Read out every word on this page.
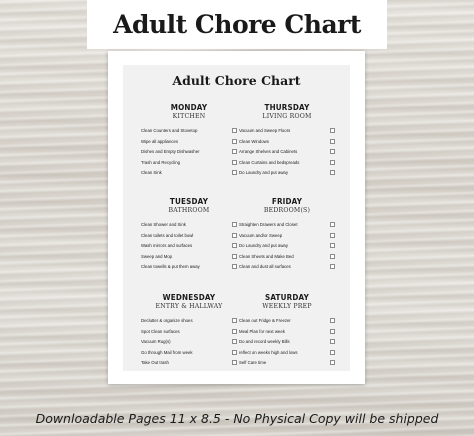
Adult Chore Chart
Adult Chore Chart
MONDAY
KITCHEN
Clean Counters and Stovetop
Wipe all appliances
Dishes and Empty Dishwasher
Trash and Recycling
Clean Sink
THURSDAY
LIVING ROOM
Vacuum and Sweep Floors
Clean Windows
Arrange Shelves and Cabinets
Clean Curtains and bedspreads
Do Laundry and put away
TUESDAY
BATHROOM
Clean Shower and Sink
Clean toilets and toilet bowl
Wash mirrors and surfaces
Sweep and Mop
Clean towells & put them away
FRIDAY
BEDROOM(S)
Straighten Drawers and Closet
Vacuum and/or Sweep
Do Laundry and put away
Clean Sheets and Make Bed
Clean and dust all surfaces
WEDNESDAY
ENTRY & HALLWAY
Declutter & organize shoes
Spot Clean surfaces
Vacuum Rug(s)
Go through Mail from week
Take Out trash
SATURDAY
WEEKLY PREP
Clean out Fridge & Freezer
Meal Plan for next week
Do and record weekly Bills
reflect on weeks high and lows
Self Care time
Downloadable Pages 11 x 8.5 - No Physical Copy will be shipped
